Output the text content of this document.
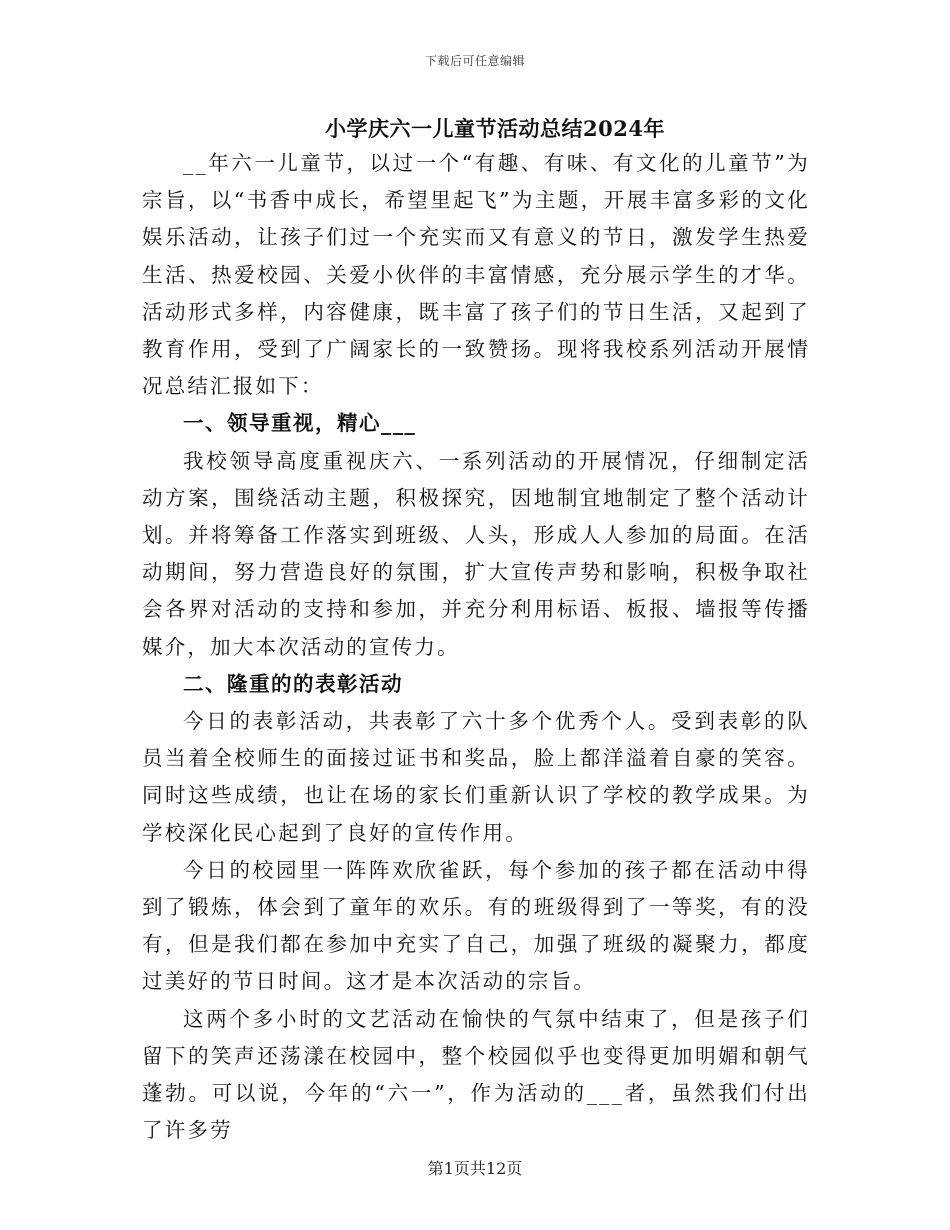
下载后可任意编辑
小学庆六一儿童节活动总结2024年

__年六一儿童节，以过一个“有趣、有味、有文化的儿童节”为宗旨，以“书香中成长，希望里起飞”为主题，开展丰富多彩的文化娱乐活动，让孩子们过一个充实而又有意义的节日，激发学生热爱生活、热爱校园、关爱小伙伴的丰富情感，充分展示学生的才华。活动形式多样，内容健康，既丰富了孩子们的节日生活，又起到了教育作用，受到了广阔家长的一致赞扬。现将我校系列活动开展情况总结汇报如下：

一、领导重视，精心___

我校领导高度重视庆六、一系列活动的开展情况，仔细制定活动方案，围绕活动主题，积极探究，因地制宜地制定了整个活动计划。并将筹备工作落实到班级、人头，形成人人参加的局面。在活动期间，努力营造良好的氛围，扩大宣传声势和影响，积极争取社会各界对活动的支持和参加，并充分利用标语、板报、墙报等传播媒介，加大本次活动的宣传力。

二、隆重的的表彰活动

今日的表彰活动，共表彰了六十多个优秀个人。受到表彰的队员当着全校师生的面接过证书和奖品，脸上都洋溢着自豪的笑容。同时这些成绩，也让在场的家长们重新认识了学校的教学成果。为学校深化民心起到了良好的宣传作用。

今日的校园里一阵阵欢欣雀跃，每个参加的孩子都在活动中得到了锻炼，体会到了童年的欢乐。有的班级得到了一等奖，有的没有，但是我们都在参加中充实了自己，加强了班级的凝聚力，都度过美好的节日时间。这才是本次活动的宗旨。

这两个多小时的文艺活动在愉快的气氛中结束了，但是孩子们留下的笑声还荡漾在校园中，整个校园似乎也变得更加明媚和朝气蓬勃。可以说，今年的“六一”，作为活动的___者，虽然我们付出了许多劳

第1页共12页
